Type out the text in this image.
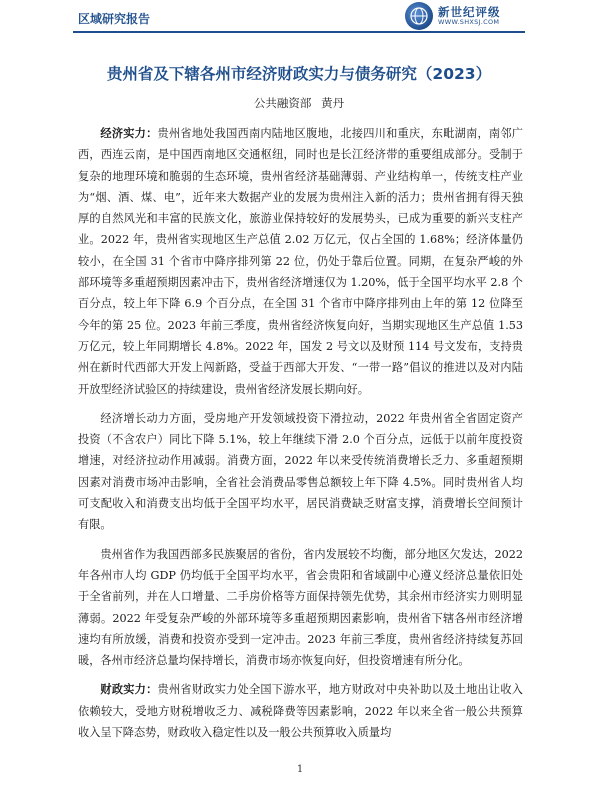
区域研究报告	新世纪评级
WWW.SHXSJ.COM
贵州省及下辖各州市经济财政实力与债务研究（2023）
公共融资部 黄丹

经济实力：贵州省地处我国西南内陆地区腹地，北接四川和重庆，东毗湖南，南邻广西，西连云南，是中国西南地区交通枢纽，同时也是长江经济带的重要组成部分。受制于复杂的地理环境和脆弱的生态环境，贵州省经济基础薄弱、产业结构单一，传统支柱产业为“烟、酒、煤、电”，近年来大数据产业的发展为贵州注入新的活力；贵州省拥有得天独厚的自然风光和丰富的民族文化，旅游业保持较好的发展势头，已成为重要的新兴支柱产业。2022 年，贵州省实现地区生产总值 2.02 万亿元，仅占全国的 1.68%；经济体量仍较小，在全国 31 个省市中降序排列第 22 位，仍处于靠后位置。同期，在复杂严峻的外部环境等多重超预期因素冲击下，贵州省经济增速仅为 1.20%，低于全国平均水平 2.8 个百分点，较上年下降 6.9 个百分点，在全国 31 个省市中降序排列由上年的第 12 位降至今年的第 25 位。2023 年前三季度，贵州省经济恢复向好，当期实现地区生产总值 1.53 万亿元，较上年同期增长 4.8%。2022 年，国发 2 号文以及财预 114 号文发布，支持贵州在新时代西部大开发上闯新路，受益于西部大开发、“一带一路”倡议的推进以及对内陆开放型经济试验区的持续建设，贵州省经济发展长期向好。

经济增长动力方面，受房地产开发领域投资下滑拉动，2022 年贵州省全省固定资产投资（不含农户）同比下降 5.1%，较上年继续下滑 2.0 个百分点，远低于以前年度投资增速，对经济拉动作用减弱。消费方面，2022 年以来受传统消费增长乏力、多重超预期因素对消费市场冲击影响，全省社会消费品零售总额较上年下降 4.5%。同时贵州省人均可支配收入和消费支出均低于全国平均水平，居民消费缺乏财富支撑，消费增长空间预计有限。

贵州省作为我国西部多民族聚居的省份，省内发展较不均衡，部分地区欠发达，2022 年各州市人均 GDP 仍均低于全国平均水平，省会贵阳和省域副中心遵义经济总量依旧处于全省前列，并在人口增量、二手房价格等方面保持领先优势，其余州市经济实力则明显薄弱。2022 年受复杂严峻的外部环境等多重超预期因素影响，贵州省下辖各州市经济增速均有所放缓，消费和投资亦受到一定冲击。2023 年前三季度，贵州省经济持续复苏回暖，各州市经济总量均保持增长，消费市场亦恢复向好，但投资增速有所分化。

财政实力：贵州省财政实力处全国下游水平，地方财政对中央补助以及土地出让收入依赖较大，受地方财税增收乏力、减税降费等因素影响，2022 年以来全省一般公共预算收入呈下降态势，财政收入稳定性以及一般公共预算收入质量均

1
